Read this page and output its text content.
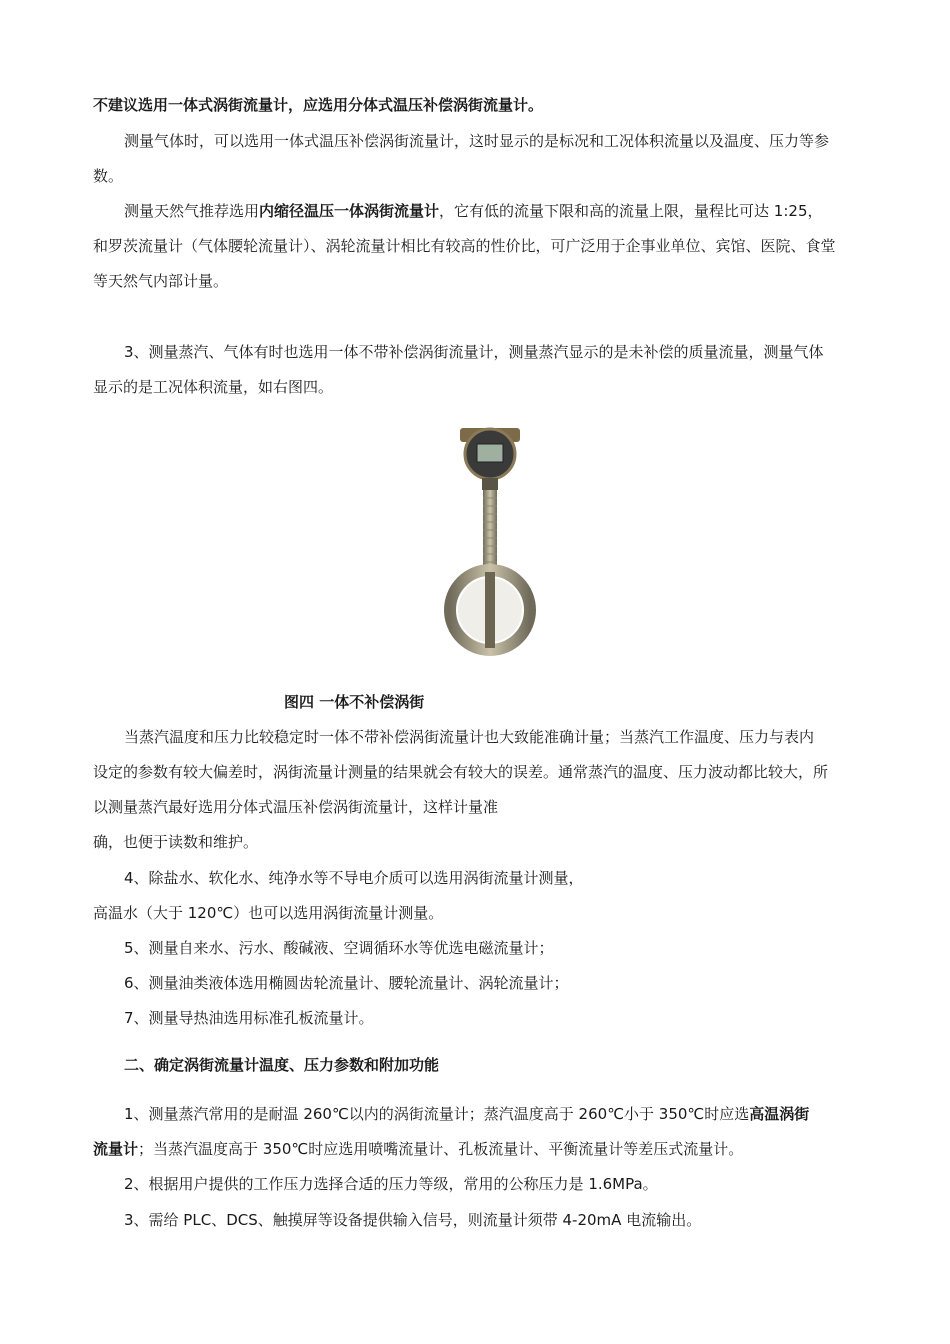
不建议选用一体式涡街流量计，应选用分体式温压补偿涡街流量计。
测量气体时，可以选用一体式温压补偿涡街流量计，这时显示的是标况和工况体积流量以及温度、压力等参
数。
测量天然气推荐选用内缩径温压一体涡街流量计，它有低的流量下限和高的流量上限，量程比可达 1:25，
和罗茨流量计（气体腰轮流量计）、涡轮流量计相比有较高的性价比，可广泛用于企事业单位、宾馆、医院、食堂
等天然气内部计量。
3、测量蒸汽、气体有时也选用一体不带补偿涡街流量计，测量蒸汽显示的是未补偿的质量流量，测量气体
显示的是工况体积流量，如右图四。
图四 一体不补偿涡街
当蒸汽温度和压力比较稳定时一体不带补偿涡街流量计也大致能准确计量；当蒸汽工作温度、压力与表内
设定的参数有较大偏差时，涡街流量计测量的结果就会有较大的误差。通常蒸汽的温度、压力波动都比较大，所
以测量蒸汽最好选用分体式温压补偿涡街流量计，这样计量准
确，也便于读数和维护。
4、除盐水、软化水、纯净水等不导电介质可以选用涡街流量计测量，
高温水（大于 120℃）也可以选用涡街流量计测量。
5、测量自来水、污水、酸碱液、空调循环水等优选电磁流量计；
6、测量油类液体选用椭圆齿轮流量计、腰轮流量计、涡轮流量计；
7、测量导热油选用标准孔板流量计。
二、确定涡街流量计温度、压力参数和附加功能
1、测量蒸汽常用的是耐温 260℃以内的涡街流量计；蒸汽温度高于 260℃小于 350℃时应选高温涡街
流量计；当蒸汽温度高于 350℃时应选用喷嘴流量计、孔板流量计、平衡流量计等差压式流量计。
2、根据用户提供的工作压力选择合适的压力等级，常用的公称压力是 1.6MPa。
3、需给 PLC、DCS、触摸屏等设备提供输入信号，则流量计须带 4-20mA 电流输出。
